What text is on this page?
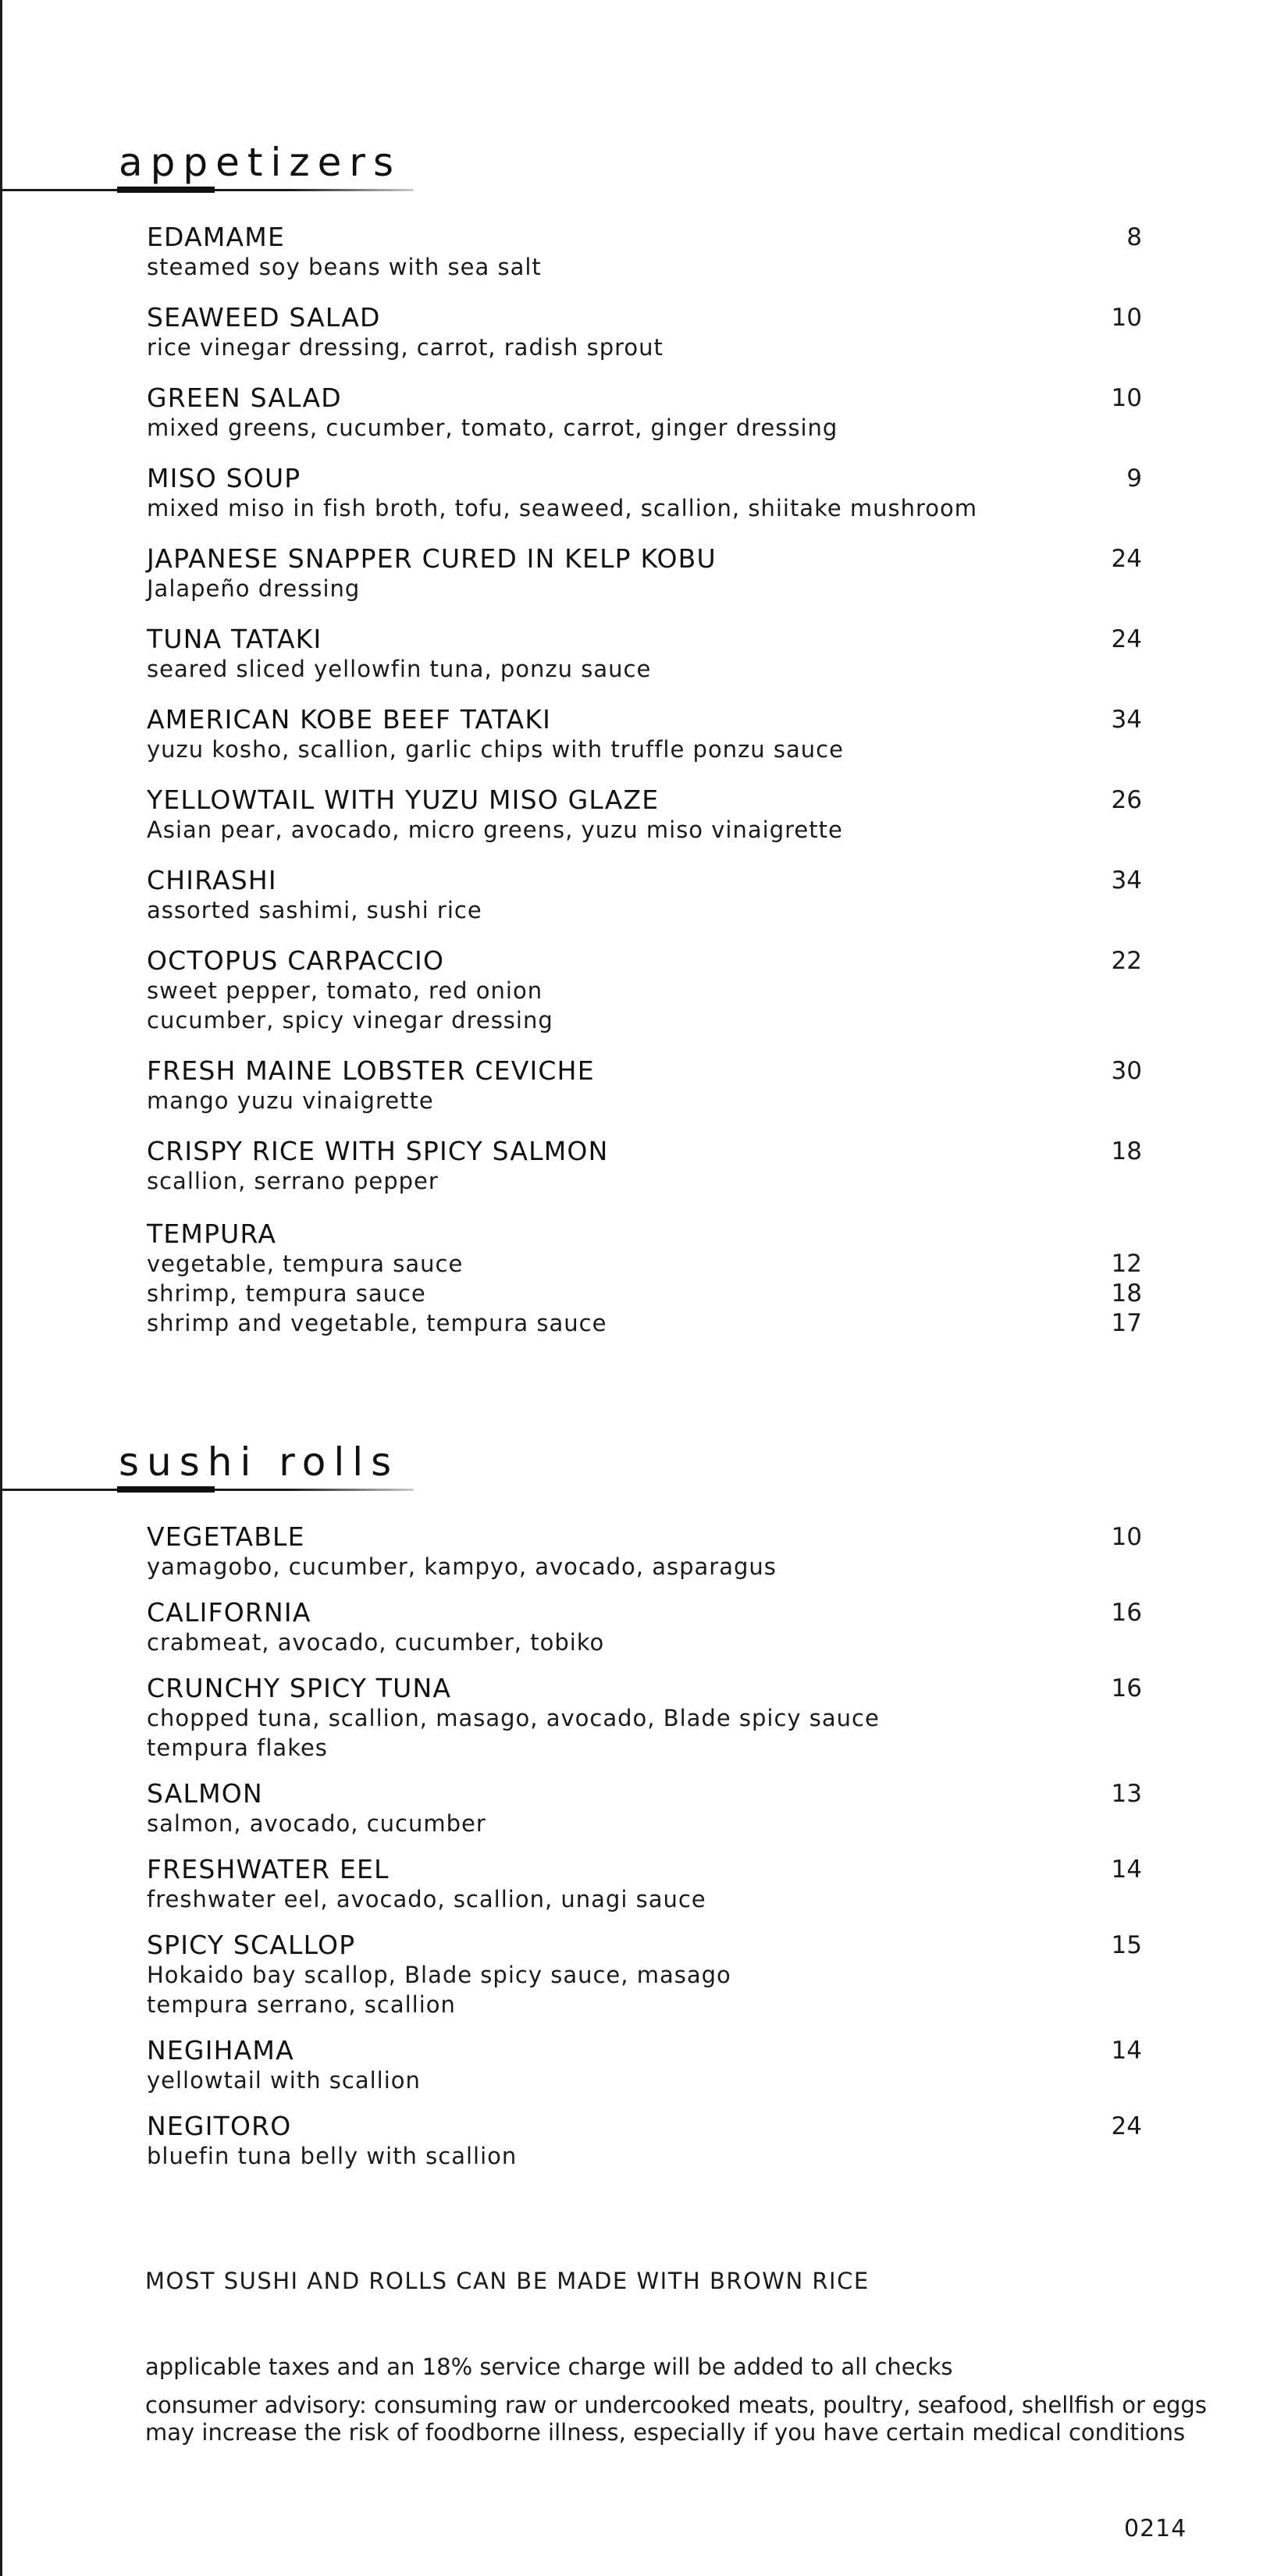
appetizers
EDAMAME
steamed soy beans with sea salt
8
SEAWEED SALAD
rice vinegar dressing, carrot, radish sprout
10
GREEN SALAD
mixed greens, cucumber, tomato, carrot, ginger dressing
10
MISO SOUP
mixed miso in fish broth, tofu, seaweed, scallion, shiitake mushroom
9
JAPANESE SNAPPER CURED IN KELP KOBU
Jalapeño dressing
24
TUNA TATAKI
seared sliced yellowfin tuna, ponzu sauce
24
AMERICAN KOBE BEEF TATAKI
yuzu kosho, scallion, garlic chips with truffle ponzu sauce
34
YELLOWTAIL WITH YUZU MISO GLAZE
Asian pear, avocado, micro greens, yuzu miso vinaigrette
26
CHIRASHI
assorted sashimi, sushi rice
34
OCTOPUS CARPACCIO
sweet pepper, tomato, red onion
cucumber, spicy vinegar dressing
22
FRESH MAINE LOBSTER CEVICHE
mango yuzu vinaigrette
30
CRISPY RICE WITH SPICY SALMON
scallion, serrano pepper
18
TEMPURA
vegetable, tempura sauce	12
shrimp, tempura sauce	18
shrimp and vegetable, tempura sauce	17
sushi rolls
VEGETABLE
yamagobo, cucumber, kampyo, avocado, asparagus
10
CALIFORNIA
crabmeat, avocado, cucumber, tobiko
16
CRUNCHY SPICY TUNA
chopped tuna, scallion, masago, avocado, Blade spicy sauce
tempura flakes
16
SALMON
salmon, avocado, cucumber
13
FRESHWATER EEL
freshwater eel, avocado, scallion, unagi sauce
14
SPICY SCALLOP
Hokaido bay scallop, Blade spicy sauce, masago
tempura serrano, scallion
15
NEGIHAMA
yellowtail with scallion
14
NEGITORO
bluefin tuna belly with scallion
24
MOST SUSHI AND ROLLS CAN BE MADE WITH BROWN RICE
applicable taxes and an 18% service charge will be added to all checks
consumer advisory: consuming raw or undercooked meats, poultry, seafood, shellfish or eggs
may increase the risk of foodborne illness, especially if you have certain medical conditions
0214
